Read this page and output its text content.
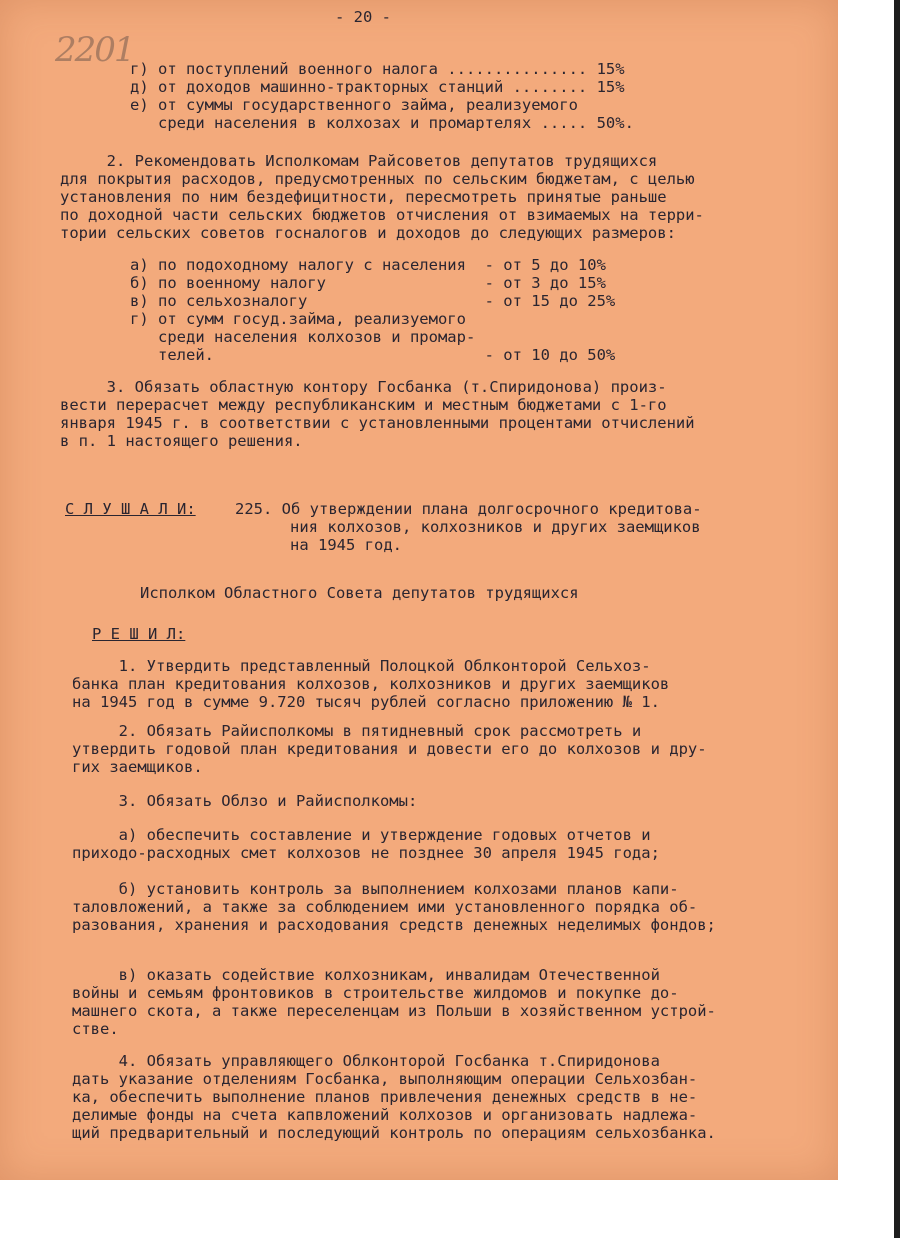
2201
- 20 -
г) от поступлений военного налога ............... 15%
д) от доходов машинно-тракторных станций ........ 15%
е) от суммы государственного займа, реализуемого
среди населения в колхозах и промартелях ..... 50%.
2. Рекомендовать Исполкомам Райсоветов депутатов трудящихся
для покрытия расходов, предусмотренных по сельским бюджетам, с целью
установления по ним бездефицитности, пересмотреть принятые раньше
по доходной части сельских бюджетов отчисления от взимаемых на терри-
тории сельских советов госналогов и доходов до следующих размеров:
а) по подоходному налогу с населения  - от 5 до 10%
б) по военному налогу                 - от 3 до 15%
в) по сельхозналогу                   - от 15 до 25%
г) от сумм госуд.займа, реализуемого
среди населения колхозов и промар-
телей.                             - от 10 до 50%
3. Обязать областную контору Госбанка (т.Спиридонова) произ-
вести перерасчет между республиканским и местным бюджетами с 1-го
января 1945 г. в соответствии с установленными процентами отчислений
в п. 1 настоящего решения.
С Л У Ш А Л И:	225. Об утверждении плана долгосрочного кредитова-
ния колхозов, колхозников и других заемщиков
на 1945 год.
Исполком Областного Совета депутатов трудящихся
Р Е Ш И Л:
1. Утвердить представленный Полоцкой Облконторой Сельхоз-
банка план кредитования колхозов, колхозников и других заемщиков
на 1945 год в сумме 9.720 тысяч рублей согласно приложению № 1.
2. Обязать Райисполкомы в пятидневный срок рассмотреть и
утвердить годовой план кредитования и довести его до колхозов и дру-
гих заемщиков.
3. Обязать Облзо и Райисполкомы:
а) обеспечить составление и утверждение годовых отчетов и
приходо-расходных смет колхозов не позднее 30 апреля 1945 года;
б) установить контроль за выполнением колхозами планов капи-
таловложений, а также за соблюдением ими установленного порядка об-
разования, хранения и расходования средств денежных неделимых фондов;
в) оказать содействие колхозникам, инвалидам Отечественной
войны и семьям фронтовиков в строительстве жилдомов и покупке до-
машнего скота, а также переселенцам из Польши в хозяйственном устрой-
стве.
4. Обязать управляющего Облконторой Госбанка т.Спиридонова
дать указание отделениям Госбанка, выполняющим операции Сельхозбан-
ка, обеспечить выполнение планов привлечения денежных средств в не-
делимые фонды на счета капвложений колхозов и организовать надлежа-
щий предварительный и последующий контроль по операциям сельхозбанка.
